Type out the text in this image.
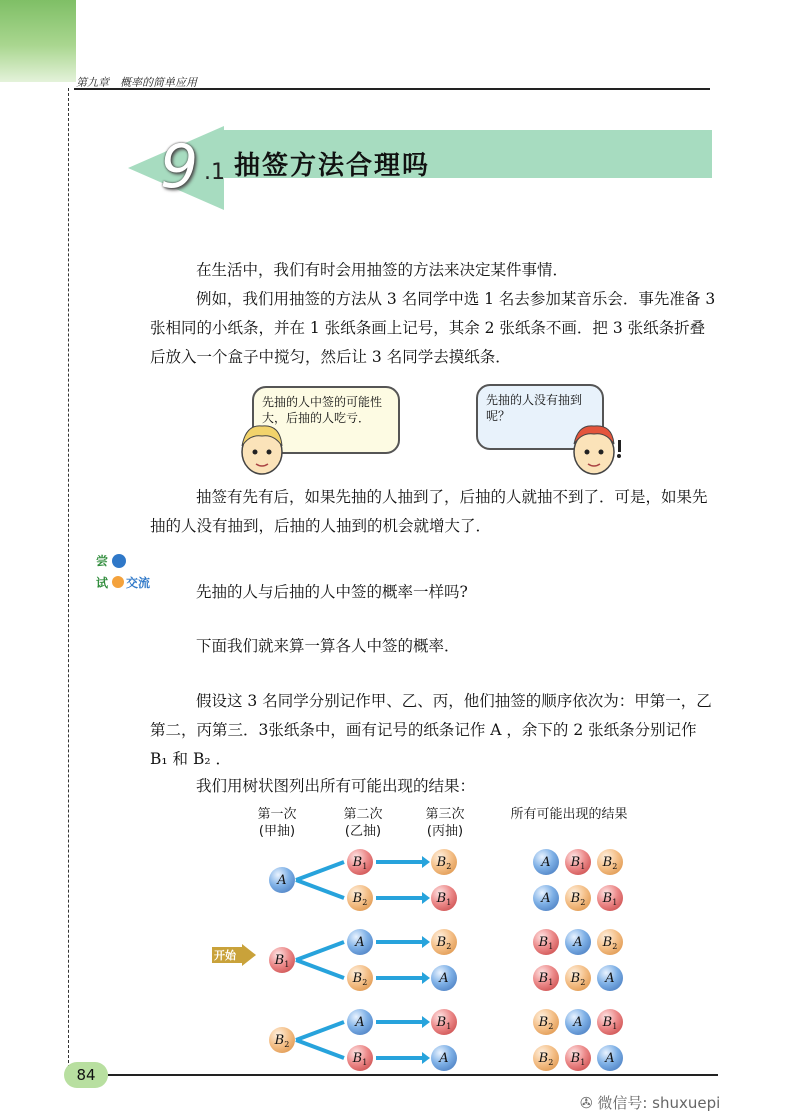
第九章　概率的简单应用
9 .1 抽签方法合理吗
在生活中，我们有时会用抽签的方法来决定某件事情．
例如，我们用抽签的方法从 3 名同学中选 1 名去参加某音乐会．事先准备 3 张相同的小纸条，并在 1 张纸条画上记号，其余 2 张纸条不画．把 3 张纸条折叠后放入一个盒子中搅匀，然后让 3 名同学去摸纸条．
先抽的人中签的可能性大，后抽的人吃亏．
先抽的人没有抽到呢？
抽签有先有后，如果先抽的人抽到了，后抽的人就抽不到了．可是，如果先抽的人没有抽到，后抽的人抽到的机会就增大了．
尝
试 交流	先抽的人与后抽的人中签的概率一样吗?
下面我们就来算一算各人中签的概率．
假设这 3 名同学分别记作甲、乙、丙，他们抽签的顺序依次为：甲第一，乙第二，丙第三．3张纸条中，画有记号的纸条记作 A ，余下的 2 张纸条分别记作 B₁ 和 B₂ ．
我们用树状图列出所有可能出现的结果：
第一次
(甲抽)
第二次
(乙抽)
第三次
(丙抽)
所有可能出现的结果
开始
A
B 1	B 2	A B 1 B 2
B 2	B 1	A B 2 B 1
B 1
A	B 2	B 1 A B 2
B 2	A	B 1 B 2 A
B 2
A	B 1	B 2 A B 1
B 1	A	B 2 B 1 A
84
✇ 微信号: shuxuepi
